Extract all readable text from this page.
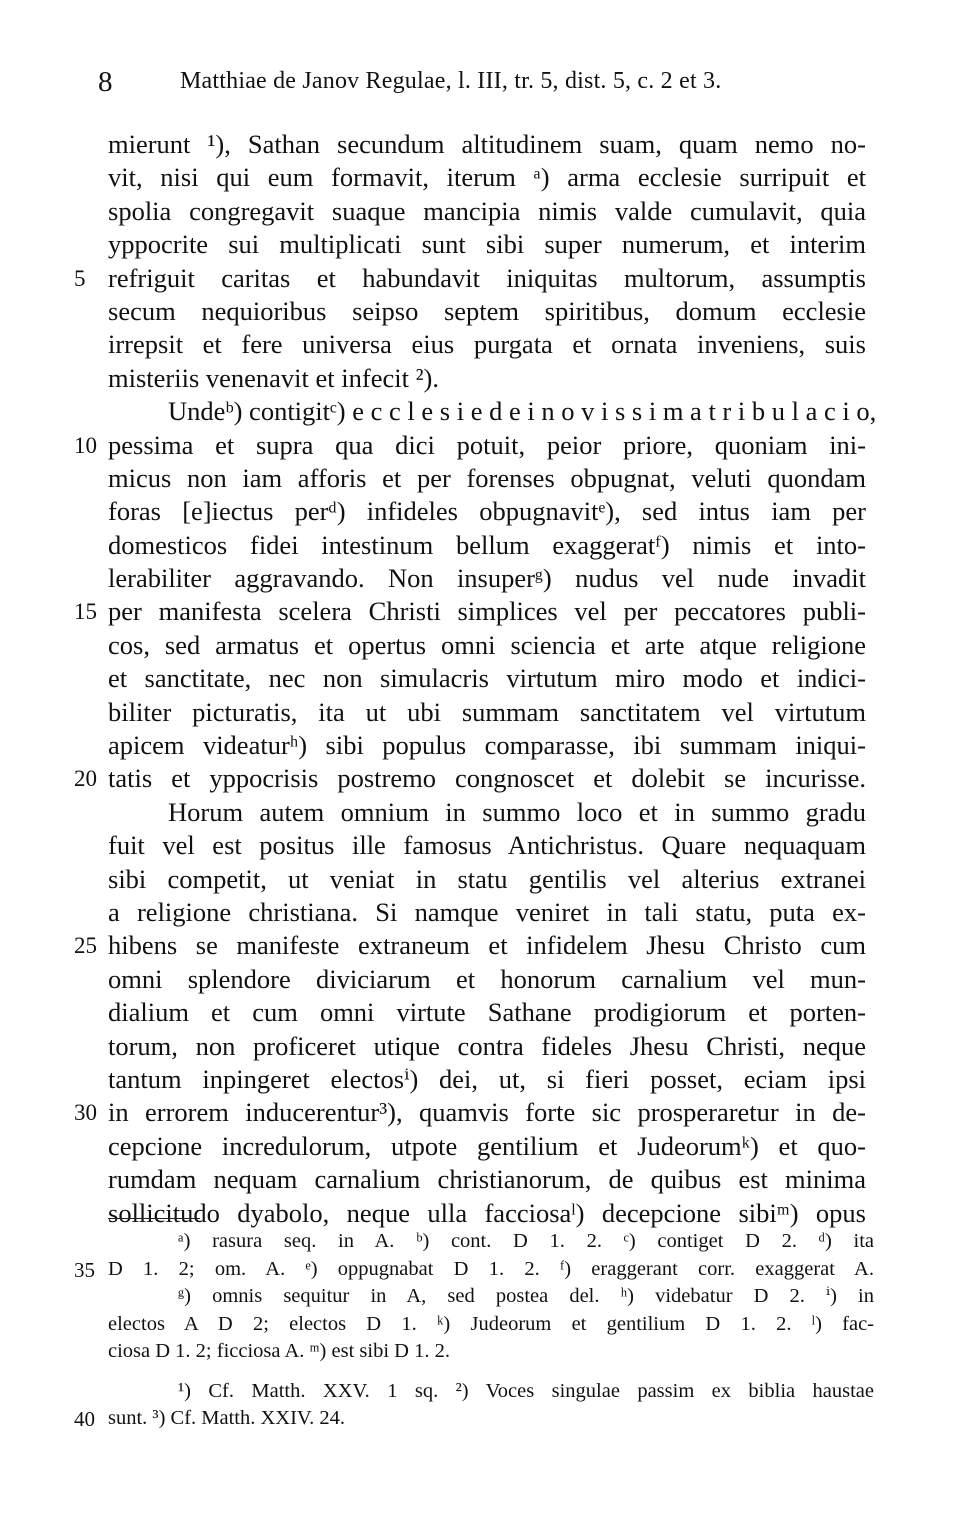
8	Matthiae de Janov Regulae, l. III, tr. 5, dist. 5, c. 2 et 3.
mierunt ¹), Sathan secundum altitudinem suam, quam nemo no-
vit, nisi qui eum formavit, iterum ᵃ) arma ecclesie surripuit et
spolia congregavit suaque mancipia nimis valde cumulavit, quia
yppocrite sui multiplicati sunt sibi super numerum, et interim
5 refriguit caritas et habundavit iniquitas multorum, assumptis
secum nequioribus seipso septem spiritibus, domum ecclesie
irrepsit et fere universa eius purgata et ornata inveniens, suis
misteriis venenavit et infecit ²).
Undeᵇ) contigitᶜ) e c c l e s i e d e i n o v i s s i m a t r i b u l a c i o,
10 pessima et supra qua dici potuit, peior priore, quoniam ini-
micus non iam afforis et per forenses obpugnat, veluti quondam
foras [e]iectus perᵈ) infideles obpugnavitᵉ), sed intus iam per
domesticos fidei intestinum bellum exaggeratᶠ) nimis et into-
lerabiliter aggravando. Non insuperᵍ) nudus vel nude invadit
15 per manifesta scelera Christi simplices vel per peccatores publi-
cos, sed armatus et opertus omni sciencia et arte atque religione
et sanctitate, nec non simulacris virtutum miro modo et indici-
biliter picturatis, ita ut ubi summam sanctitatem vel virtutum
apicem videaturʰ) sibi populus comparasse, ibi summam iniqui-
20 tatis et yppocrisis postremo congnoscet et dolebit se incurisse.
Horum autem omnium in summo loco et in summo gradu
fuit vel est positus ille famosus Antichristus. Quare nequaquam
sibi competit, ut veniat in statu gentilis vel alterius extranei
a religione christiana. Si namque veniret in tali statu, puta ex-
25 hibens se manifeste extraneum et infidelem Jhesu Christo cum
omni splendore diviciarum et honorum carnalium vel mun-
dialium et cum omni virtute Sathane prodigiorum et porten-
torum, non proficeret utique contra fideles Jhesu Christi, neque
tantum inpingeret electosⁱ) dei, ut, si fieri posset, eciam ipsi
30 in errorem inducerentur³), quamvis forte sic prosperaretur in de-
cepcione incredulorum, utpote gentilium et Judeorumᵏ) et quo-
rumdam nequam carnalium christianorum, de quibus est minima
sollicitudo dyabolo, neque ulla facciosaˡ) decepcione sibiᵐ) opus
ᵃ) rasura seq. in A. ᵇ) cont. D 1. 2. ᶜ) contiget D 2. ᵈ) ita
35 D 1. 2; om. A. ᵉ) oppugnabat D 1. 2. ᶠ) eraggerant corr. exaggerat A.
ᵍ) omnis sequitur in A, sed postea del. ʰ) videbatur D 2. ⁱ) in
electos A D 2; electos D 1. ᵏ) Judeorum et gentilium D 1. 2. ˡ) fac-
ciosa D 1. 2; ficciosa A. ᵐ) est sibi D 1. 2.
¹) Cf. Matth. XXV. 1 sq. ²) Voces singulae passim ex biblia haustae
40 sunt. ³) Cf. Matth. XXIV. 24.
